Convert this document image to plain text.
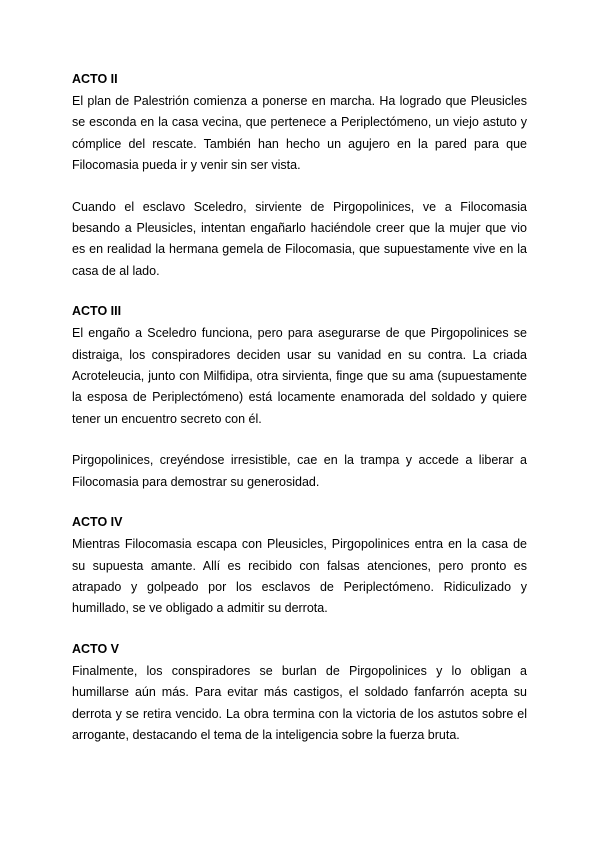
ACTO II

El plan de Palestrión comienza a ponerse en marcha. Ha logrado que Pleusicles se esconda en la casa vecina, que pertenece a Periplectómeno, un viejo astuto y cómplice del rescate. También han hecho un agujero en la pared para que Filocomasia pueda ir y venir sin ser vista.

Cuando el esclavo Sceledro, sirviente de Pirgopolinices, ve a Filocomasia besando a Pleusicles, intentan engañarlo haciéndole creer que la mujer que vio es en realidad la hermana gemela de Filocomasia, que supuestamente vive en la casa de al lado.

ACTO III

El engaño a Sceledro funciona, pero para asegurarse de que Pirgopolinices se distraiga, los conspiradores deciden usar su vanidad en su contra. La criada Acroteleucia, junto con Milfidipa, otra sirvienta, finge que su ama (supuestamente la esposa de Periplectómeno) está locamente enamorada del soldado y quiere tener un encuentro secreto con él.

Pirgopolinices, creyéndose irresistible, cae en la trampa y accede a liberar a Filocomasia para demostrar su generosidad.

ACTO IV

Mientras Filocomasia escapa con Pleusicles, Pirgopolinices entra en la casa de su supuesta amante. Allí es recibido con falsas atenciones, pero pronto es atrapado y golpeado por los esclavos de Periplectómeno. Ridiculizado y humillado, se ve obligado a admitir su derrota.

ACTO V

Finalmente, los conspiradores se burlan de Pirgopolinices y lo obligan a humillarse aún más. Para evitar más castigos, el soldado fanfarrón acepta su derrota y se retira vencido. La obra termina con la victoria de los astutos sobre el arrogante, destacando el tema de la inteligencia sobre la fuerza bruta.
